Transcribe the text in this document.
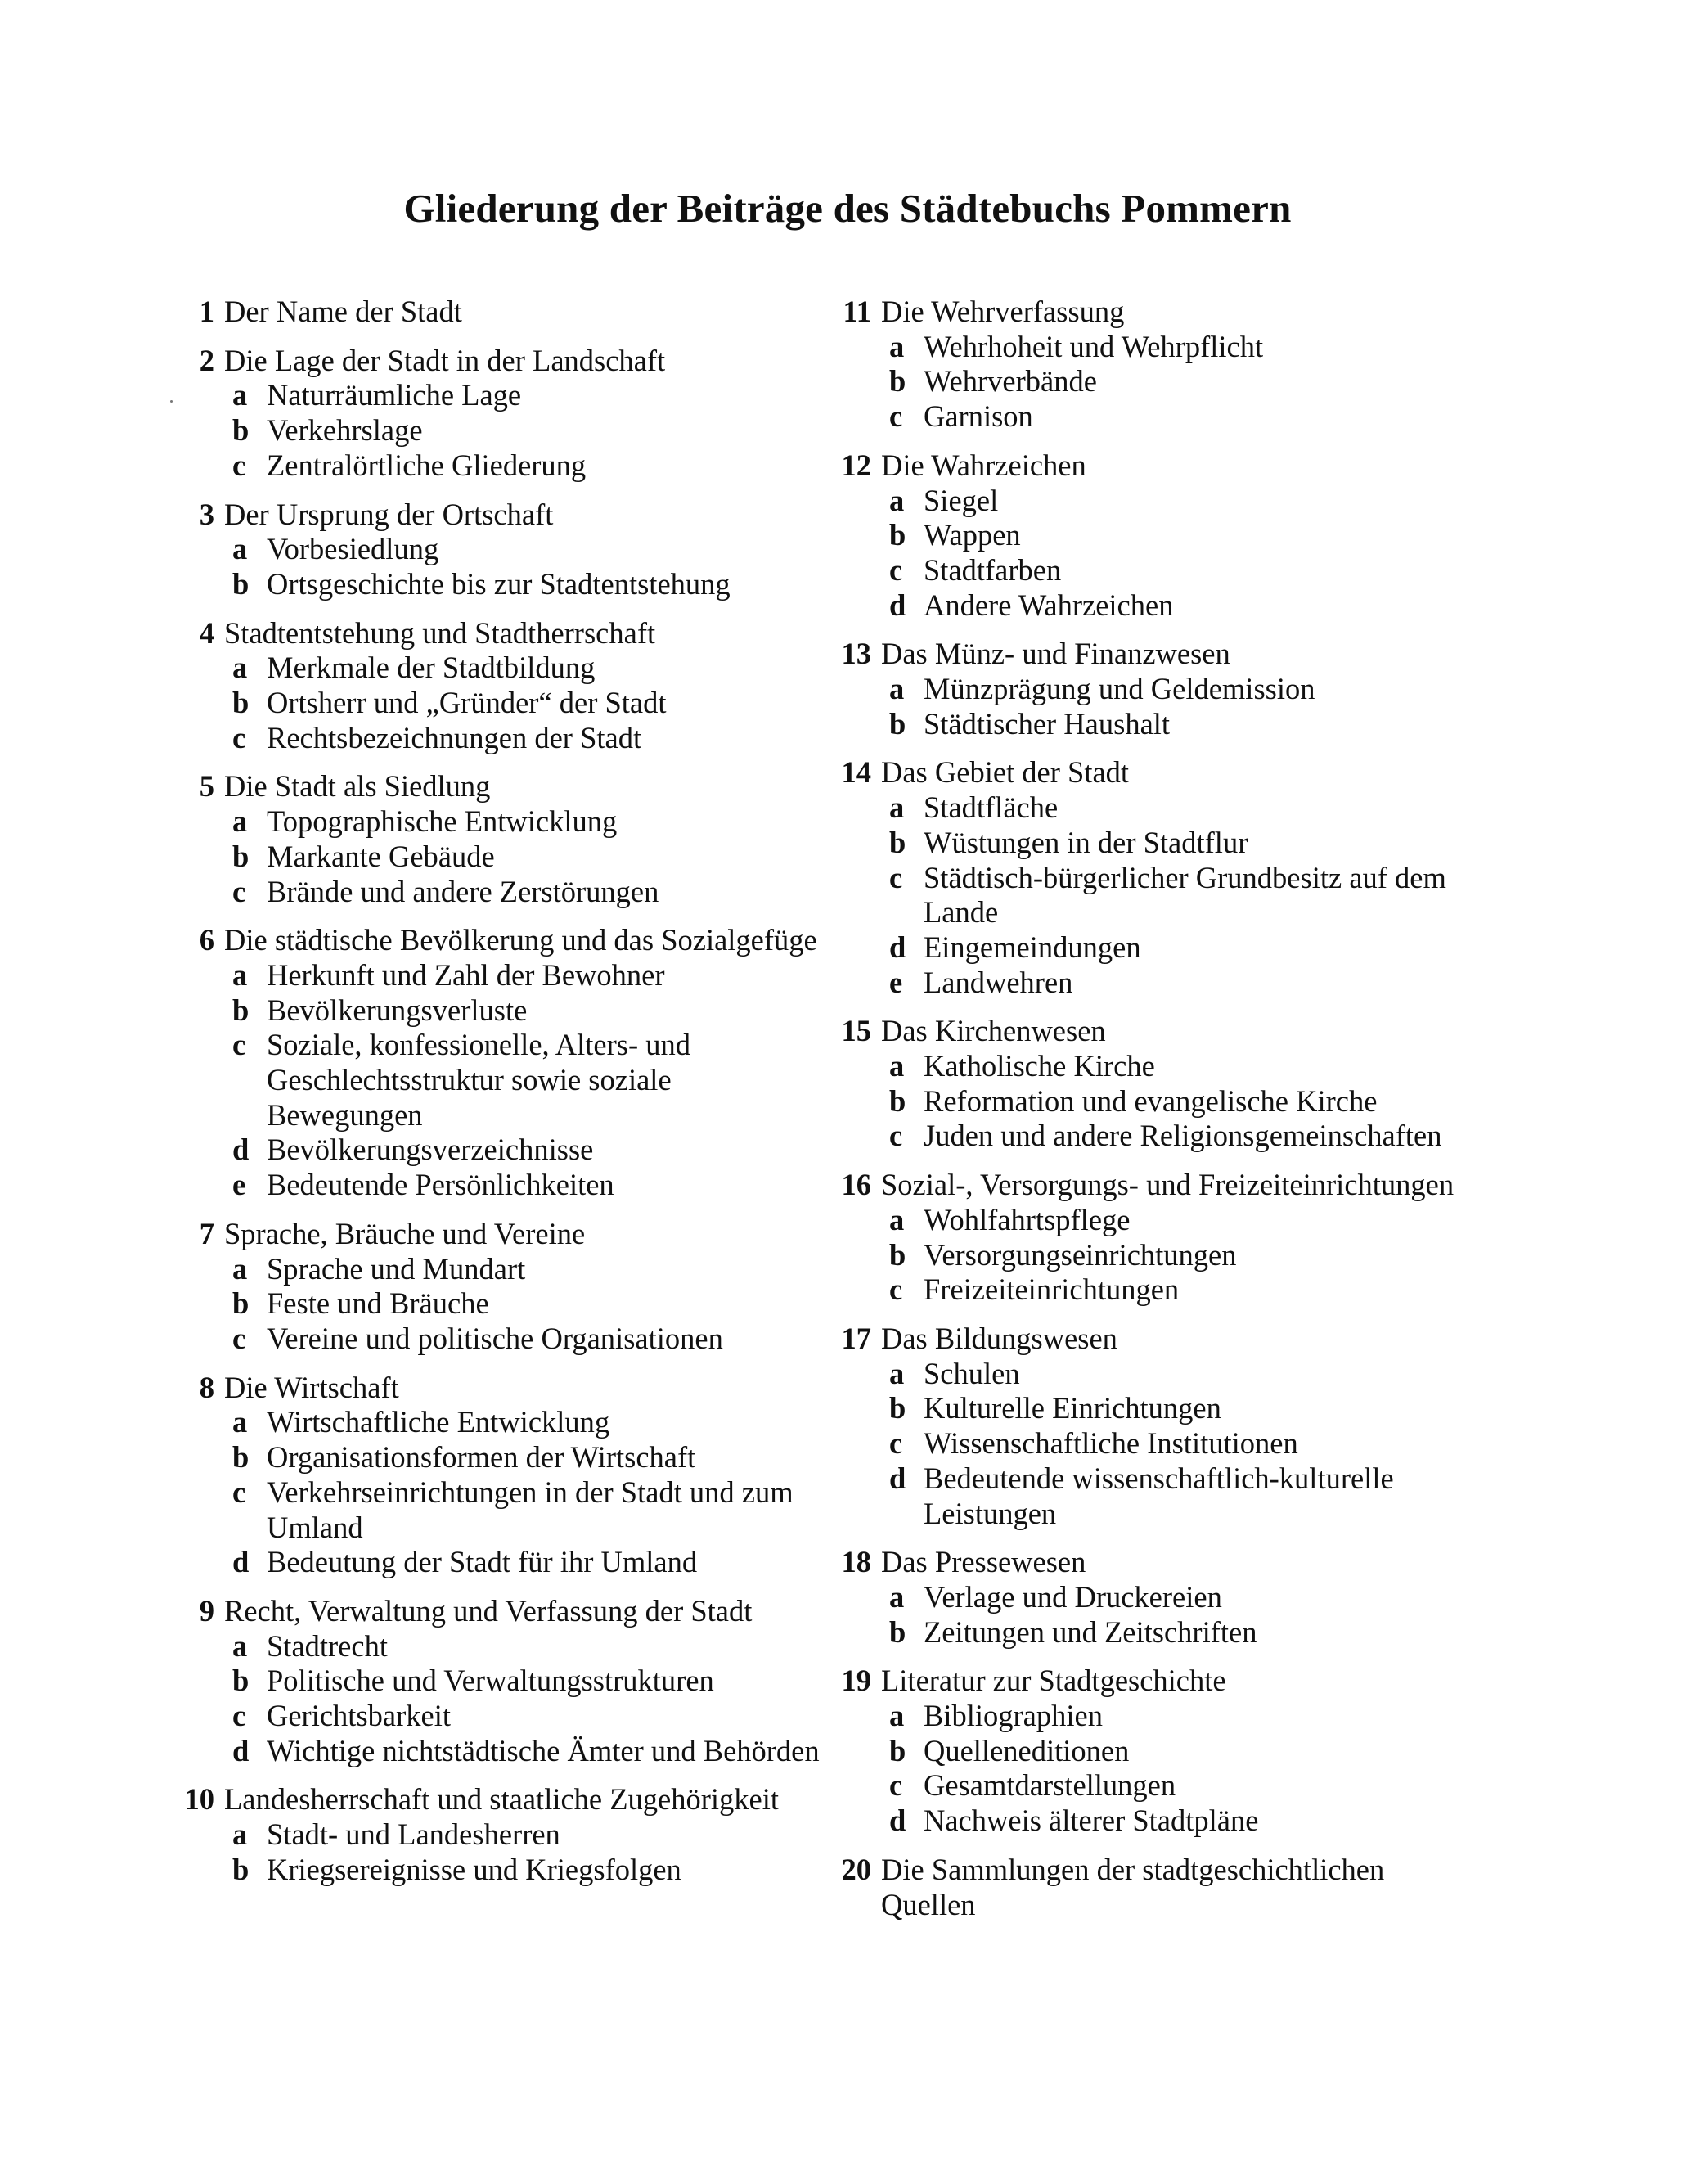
Gliederung der Beiträge des Städtebuchs Pommern
1 Der Name der Stadt
2 Die Lage der Stadt in der Landschaft
a Naturräumliche Lage
b Verkehrslage
c Zentralörtliche Gliederung
3 Der Ursprung der Ortschaft
a Vorbesiedlung
b Ortsgeschichte bis zur Stadtentstehung
4 Stadtentstehung und Stadtherrschaft
a Merkmale der Stadtbildung
b Ortsherr und „Gründer“ der Stadt
c Rechtsbezeichnungen der Stadt
5 Die Stadt als Siedlung
a Topographische Entwicklung
b Markante Gebäude
c Brände und andere Zerstörungen
6 Die städtische Bevölkerung und das Sozialgefüge
a Herkunft und Zahl der Bewohner
b Bevölkerungsverluste
c Soziale, konfessionelle, Alters- und Geschlechtsstruktur sowie soziale Bewegungen
d Bevölkerungsverzeichnisse
e Bedeutende Persönlichkeiten
7 Sprache, Bräuche und Vereine
a Sprache und Mundart
b Feste und Bräuche
c Vereine und politische Organisationen
8 Die Wirtschaft
a Wirtschaftliche Entwicklung
b Organisationsformen der Wirtschaft
c Verkehrseinrichtungen in der Stadt und zum Umland
d Bedeutung der Stadt für ihr Umland
9 Recht, Verwaltung und Verfassung der Stadt
a Stadtrecht
b Politische und Verwaltungsstrukturen
c Gerichtsbarkeit
d Wichtige nichtstädtische Ämter und Behörden
10 Landesherrschaft und staatliche Zugehörigkeit
a Stadt- und Landesherren
b Kriegsereignisse und Kriegsfolgen
11 Die Wehrverfassung
a Wehrhoheit und Wehrpflicht
b Wehrverbände
c Garnison
12 Die Wahrzeichen
a Siegel
b Wappen
c Stadtfarben
d Andere Wahrzeichen
13 Das Münz- und Finanzwesen
a Münzprägung und Geldemission
b Städtischer Haushalt
14 Das Gebiet der Stadt
a Stadtfläche
b Wüstungen in der Stadtflur
c Städtisch-bürgerlicher Grundbesitz auf dem Lande
d Eingemeindungen
e Landwehren
15 Das Kirchenwesen
a Katholische Kirche
b Reformation und evangelische Kirche
c Juden und andere Religionsgemeinschaften
16 Sozial-, Versorgungs- und Freizeiteinrichtungen
a Wohlfahrtspflege
b Versorgungseinrichtungen
c Freizeiteinrichtungen
17 Das Bildungswesen
a Schulen
b Kulturelle Einrichtungen
c Wissenschaftliche Institutionen
d Bedeutende wissenschaftlich-kulturelle Leistungen
18 Das Pressewesen
a Verlage und Druckereien
b Zeitungen und Zeitschriften
19 Literatur zur Stadtgeschichte
a Bibliographien
b Quelleneditionen
c Gesamtdarstellungen
d Nachweis älterer Stadtpläne
20 Die Sammlungen der stadtgeschichtlichen Quellen
